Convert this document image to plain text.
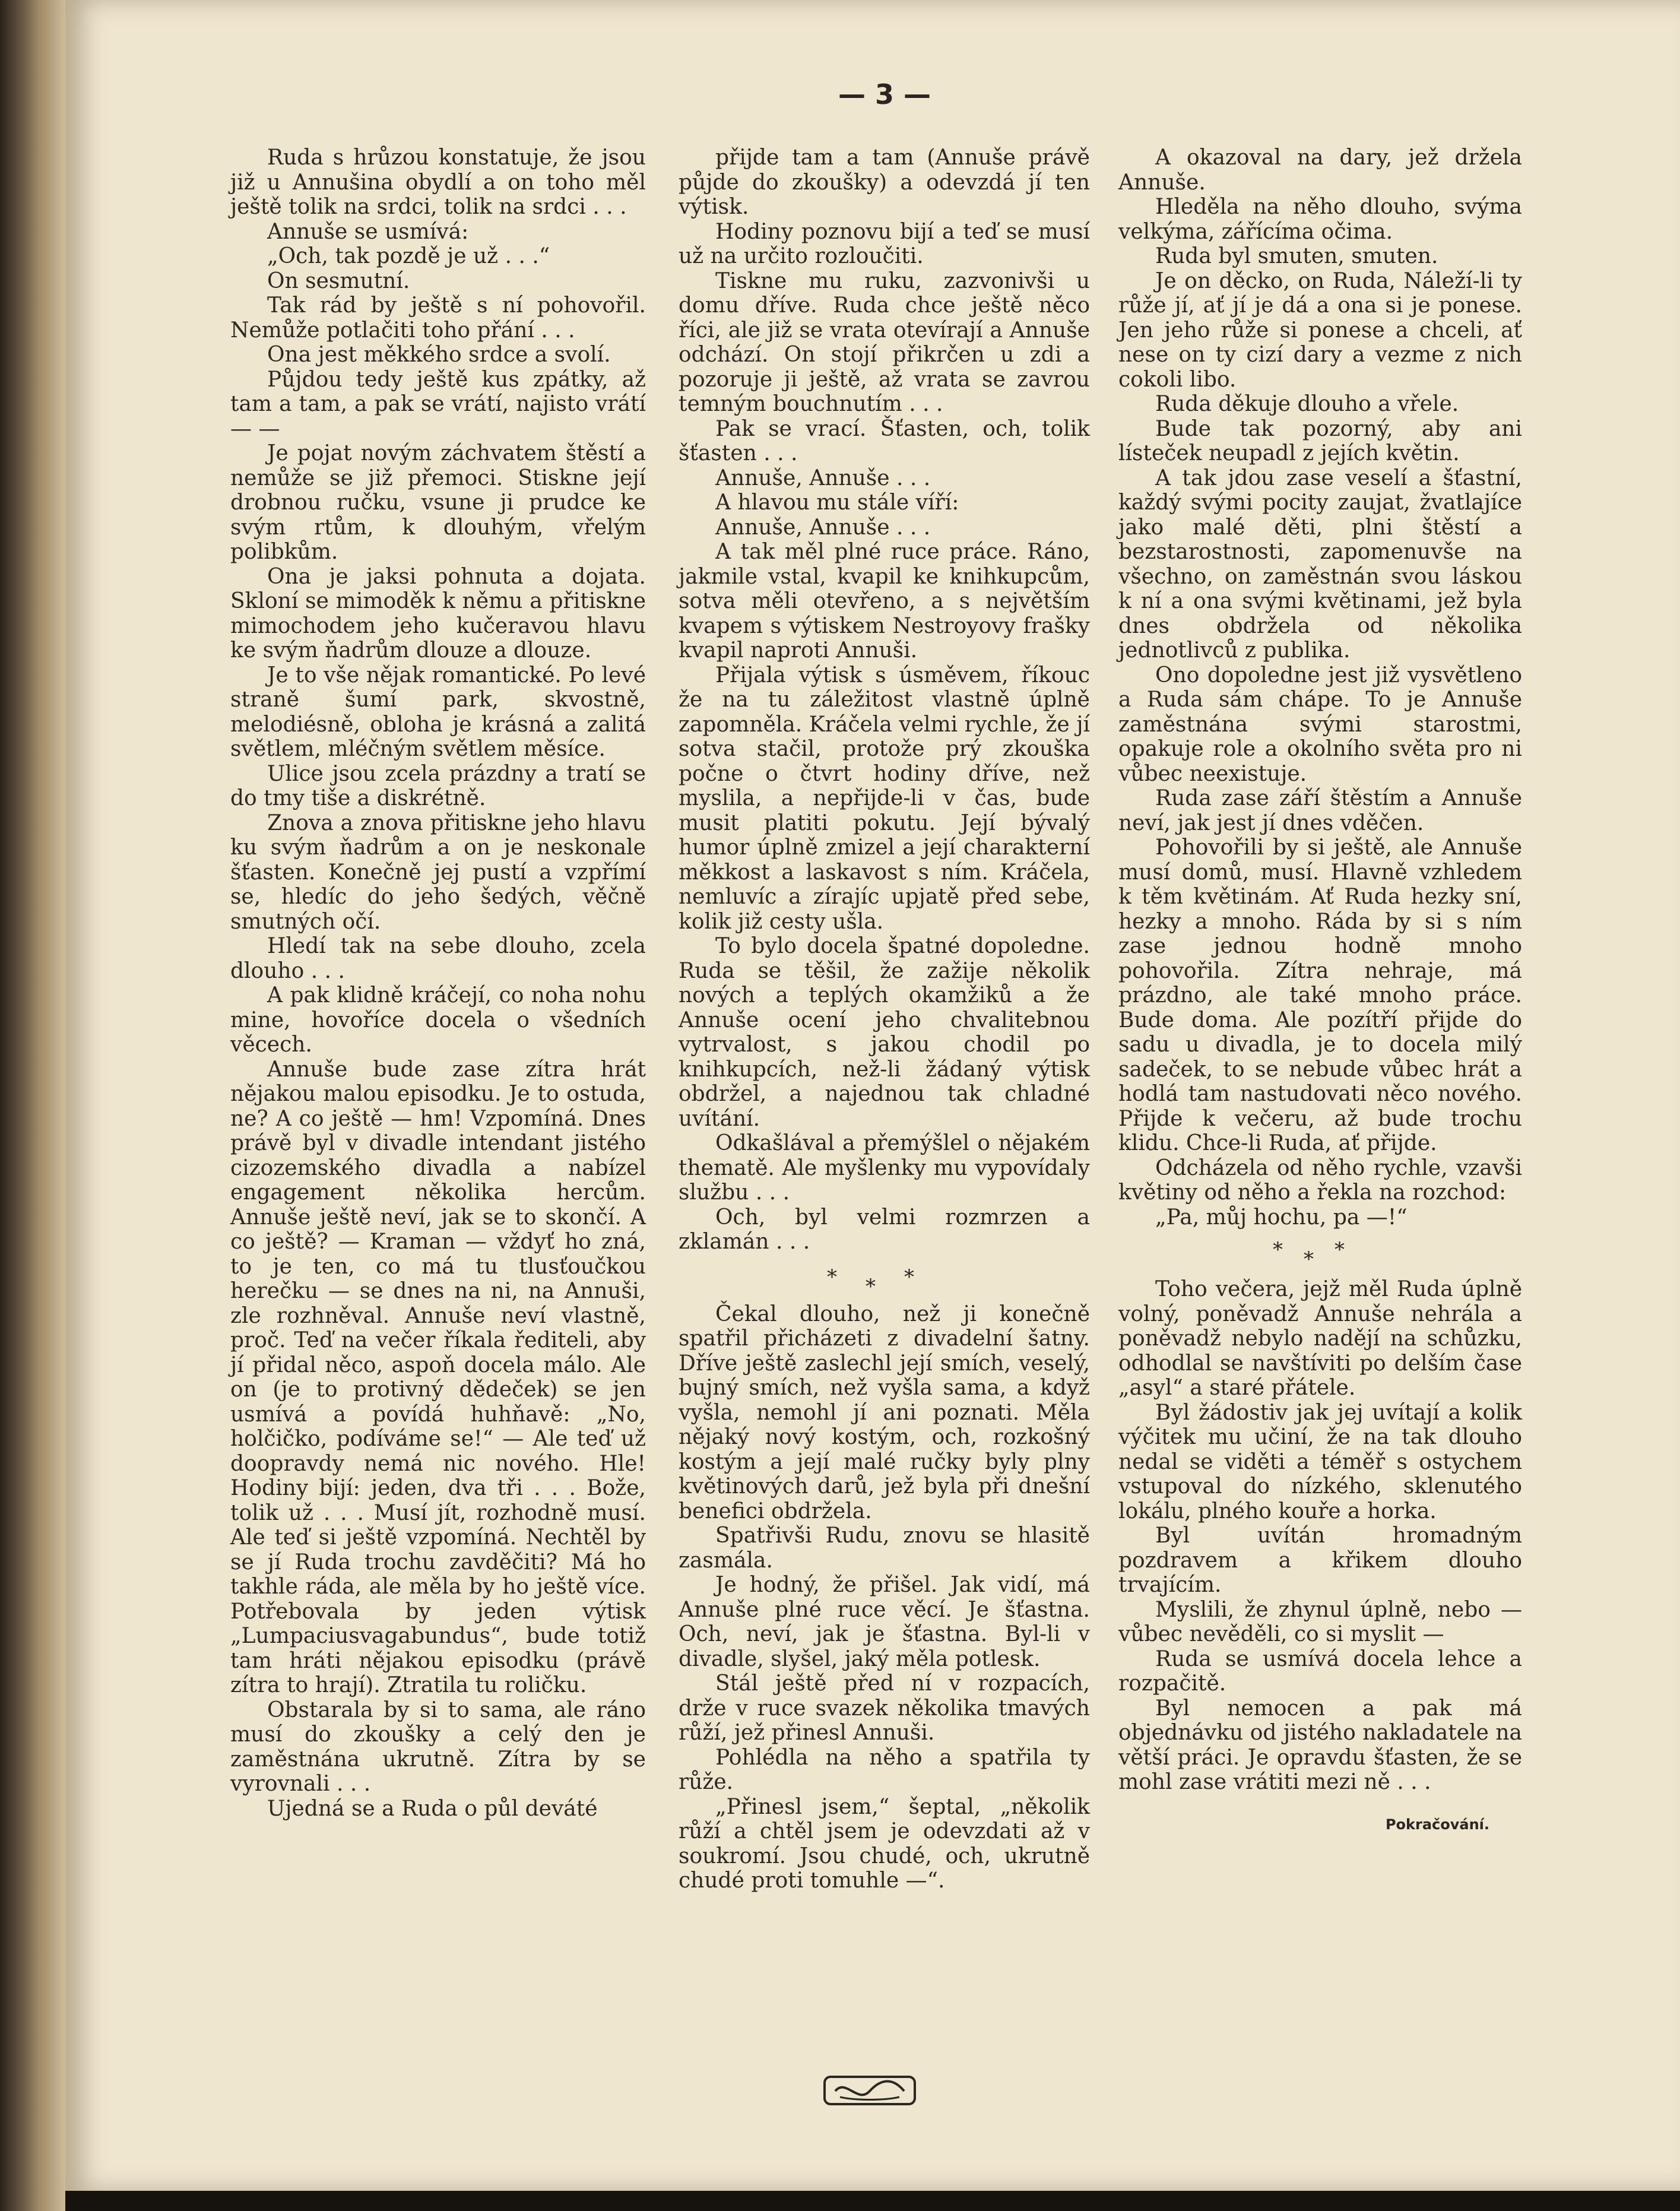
— 3 —

Ruda s hrůzou konstatuje, že jsou již u Annušina obydlí a on toho měl ještě tolik na srdci, tolik na srdci . . .

Annuše se usmívá:

„Och, tak pozdě je už . . .“

On sesmutní.

Tak rád by ještě s ní pohovořil. Nemůže potlačiti toho přání . . .

Ona jest měkkého srdce a svolí.

Půjdou tedy ještě kus zpátky, až tam a tam, a pak se vrátí, najisto vrátí — —

Je pojat novým záchvatem štěstí a nemůže se již přemoci. Stiskne její drobnou ručku, vsune ji prudce ke svým rtům, k dlouhým, vřelým polibkům.

Ona je jaksi pohnuta a dojata. Skloní se mimoděk k němu a přitiskne mimochodem jeho kučeravou hlavu ke svým ňadrům dlouze a dlouze.

Je to vše nějak romantické. Po levé straně šumí park, skvostně, melodiésně, obloha je krásná a zalitá světlem, mléčným světlem měsíce.

Ulice jsou zcela prázdny a tratí se do tmy tiše a diskrétně.

Znova a znova přitiskne jeho hlavu ku svým ňadrům a on je neskonale šťasten. Konečně jej pustí a vzpřímí se, hledíc do jeho šedých, věčně smutných očí.

Hledí tak na sebe dlouho, zcela dlouho . . .

A pak klidně kráčejí, co noha nohu mine, hovoříce docela o všedních věcech.

Annuše bude zase zítra hrát nějakou malou episodku. Je to ostuda, ne? A co ještě — hm! Vzpomíná. Dnes právě byl v divadle intendant jistého cizozemského divadla a nabízel engagement několika hercům. Annuše ještě neví, jak se to skončí. A co ještě? — Kraman — vždyť ho zná, to je ten, co má tu tlusťoučkou herečku — se dnes na ni, na Annuši, zle rozhněval. Annuše neví vlastně, proč. Teď na večer říkala řediteli, aby jí přidal něco, aspoň docela málo. Ale on (je to protivný dědeček) se jen usmívá a povídá huhňavě: „No, holčičko, podíváme se!“ — Ale teď už doopravdy nemá nic nového. Hle! Hodiny bijí: jeden, dva tři . . . Bože, tolik už . . . Musí jít, rozhodně musí. Ale teď si ještě vzpomíná. Nechtěl by se jí Ruda trochu zavděčiti? Má ho takhle ráda, ale měla by ho ještě více. Potřebovala by jeden výtisk „Lumpaciusvagabundus“, bude totiž tam hráti nějakou episodku (právě zítra to hrají). Ztratila tu roličku.

Obstarala by si to sama, ale ráno musí do zkoušky a celý den je zaměstnána ukrutně. Zítra by se vyrovnali . . .

Ujedná se a Ruda o půl deváté

přijde tam a tam (Annuše právě půjde do zkoušky) a odevzdá jí ten výtisk.

Hodiny poznovu bijí a teď se musí už na určito rozloučiti.

Tiskne mu ruku, zazvonivši u domu dříve. Ruda chce ještě něco říci, ale již se vrata otevírají a Annuše odchází. On stojí přikrčen u zdi a pozoruje ji ještě, až vrata se zavrou temným bouchnutím . . .

Pak se vrací. Šťasten, och, tolik šťasten . . .

Annuše, Annuše . . .

A hlavou mu stále víří:

Annuše, Annuše . . .

A tak měl plné ruce práce. Ráno, jakmile vstal, kvapil ke knihkupcům, sotva měli otevřeno, a s největším kvapem s výtiskem Nestroyovy frašky kvapil naproti Annuši.

Přijala výtisk s úsměvem, říkouc že na tu záležitost vlastně úplně zapomněla. Kráčela velmi rychle, že jí sotva stačil, protože prý zkouška počne o čtvrt hodiny dříve, než myslila, a nepřijde-li v čas, bude musit platiti pokutu. Její bývalý humor úplně zmizel a její charakterní měkkost a laskavost s ním. Kráčela, nemluvíc a zírajíc upjatě před sebe, kolik již cesty ušla.

To bylo docela špatné dopoledne. Ruda se těšil, že zažije několik nových a teplých okamžiků a že Annuše ocení jeho chvalitebnou vytrvalost, s jakou chodil po knihkupcích, než-li žádaný výtisk obdržel, a najednou tak chladné uvítání.

Odkašlával a přemýšlel o nějakém thematě. Ale myšlenky mu vypovídaly službu . . .

Och, byl velmi rozmrzen a zklamán . . .

* * *

Čekal dlouho, než ji konečně spatřil přicházeti z divadelní šatny. Dříve ještě zaslechl její smích, veselý, bujný smích, než vyšla sama, a když vyšla, nemohl jí ani poznati. Měla nějaký nový kostým, och, rozkošný kostým a její malé ručky byly plny květinových darů, jež byla při dnešní benefici obdržela.

Spatřivši Rudu, znovu se hlasitě zasmála.

Je hodný, že přišel. Jak vidí, má Annuše plné ruce věcí. Je šťastna. Och, neví, jak je šťastna. Byl-li v divadle, slyšel, jaký měla potlesk.

Stál ještě před ní v rozpacích, drže v ruce svazek několika tmavých růží, jež přinesl Annuši.

Pohlédla na něho a spatřila ty růže.

„Přinesl jsem,“ šeptal, „několik růží a chtěl jsem je odevzdati až v soukromí. Jsou chudé, och, ukrutně chudé proti tomuhle —“.

A okazoval na dary, jež držela Annuše.

Hleděla na něho dlouho, svýma velkýma, zářícíma očima.

Ruda byl smuten, smuten.

Je on děcko, on Ruda, Náleží-li ty růže jí, ať jí je dá a ona si je ponese. Jen jeho růže si ponese a chceli, ať nese on ty cizí dary a vezme z nich cokoli libo.

Ruda děkuje dlouho a vřele.

Bude tak pozorný, aby ani lísteček neupadl z jejích květin.

A tak jdou zase veselí a šťastní, každý svými pocity zaujat, žvatlajíce jako malé děti, plni štěstí a bezstarostnosti, zapomenuvše na všechno, on zaměstnán svou láskou k ní a ona svými květinami, jež byla dnes obdržela od několika jednotlivců z publika.

Ono dopoledne jest již vysvětleno a Ruda sám chápe. To je Annuše zaměstnána svými starostmi, opakuje role a okolního světa pro ni vůbec neexistuje.

Ruda zase září štěstím a Annuše neví, jak jest jí dnes vděčen.

Pohovořili by si ještě, ale Annuše musí domů, musí. Hlavně vzhledem k těm květinám. Ať Ruda hezky sní, hezky a mnoho. Ráda by si s ním zase jednou hodně mnoho pohovořila. Zítra nehraje, má prázdno, ale také mnoho práce. Bude doma. Ale pozítří přijde do sadu u divadla, je to docela milý sadeček, to se nebude vůbec hrát a hodlá tam nastudovati něco nového. Přijde k večeru, až bude trochu klidu. Chce-li Ruda, ať přijde.

Odcházela od něho rychle, vzavši květiny od něho a řekla na rozchod:

„Pa, můj hochu, pa —!“

* * *

Toho večera, jejž měl Ruda úplně volný, poněvadž Annuše nehrála a poněvadž nebylo nadějí na schůzku, odhodlal se navštíviti po delším čase „asyl“ a staré přátele.

Byl žádostiv jak jej uvítají a kolik výčitek mu učiní, že na tak dlouho nedal se viděti a téměř s ostychem vstupoval do nízkého, sklenutého lokálu, plného kouře a horka.

Byl uvítán hromadným pozdravem a křikem dlouho trvajícím.

Myslili, že zhynul úplně, nebo — vůbec nevěděli, co si myslit —

Ruda se usmívá docela lehce a rozpačitě.

Byl nemocen a pak má objednávku od jistého nakladatele na větší práci. Je opravdu šťasten, že se mohl zase vrátiti mezi ně . . .

Pokračování.
